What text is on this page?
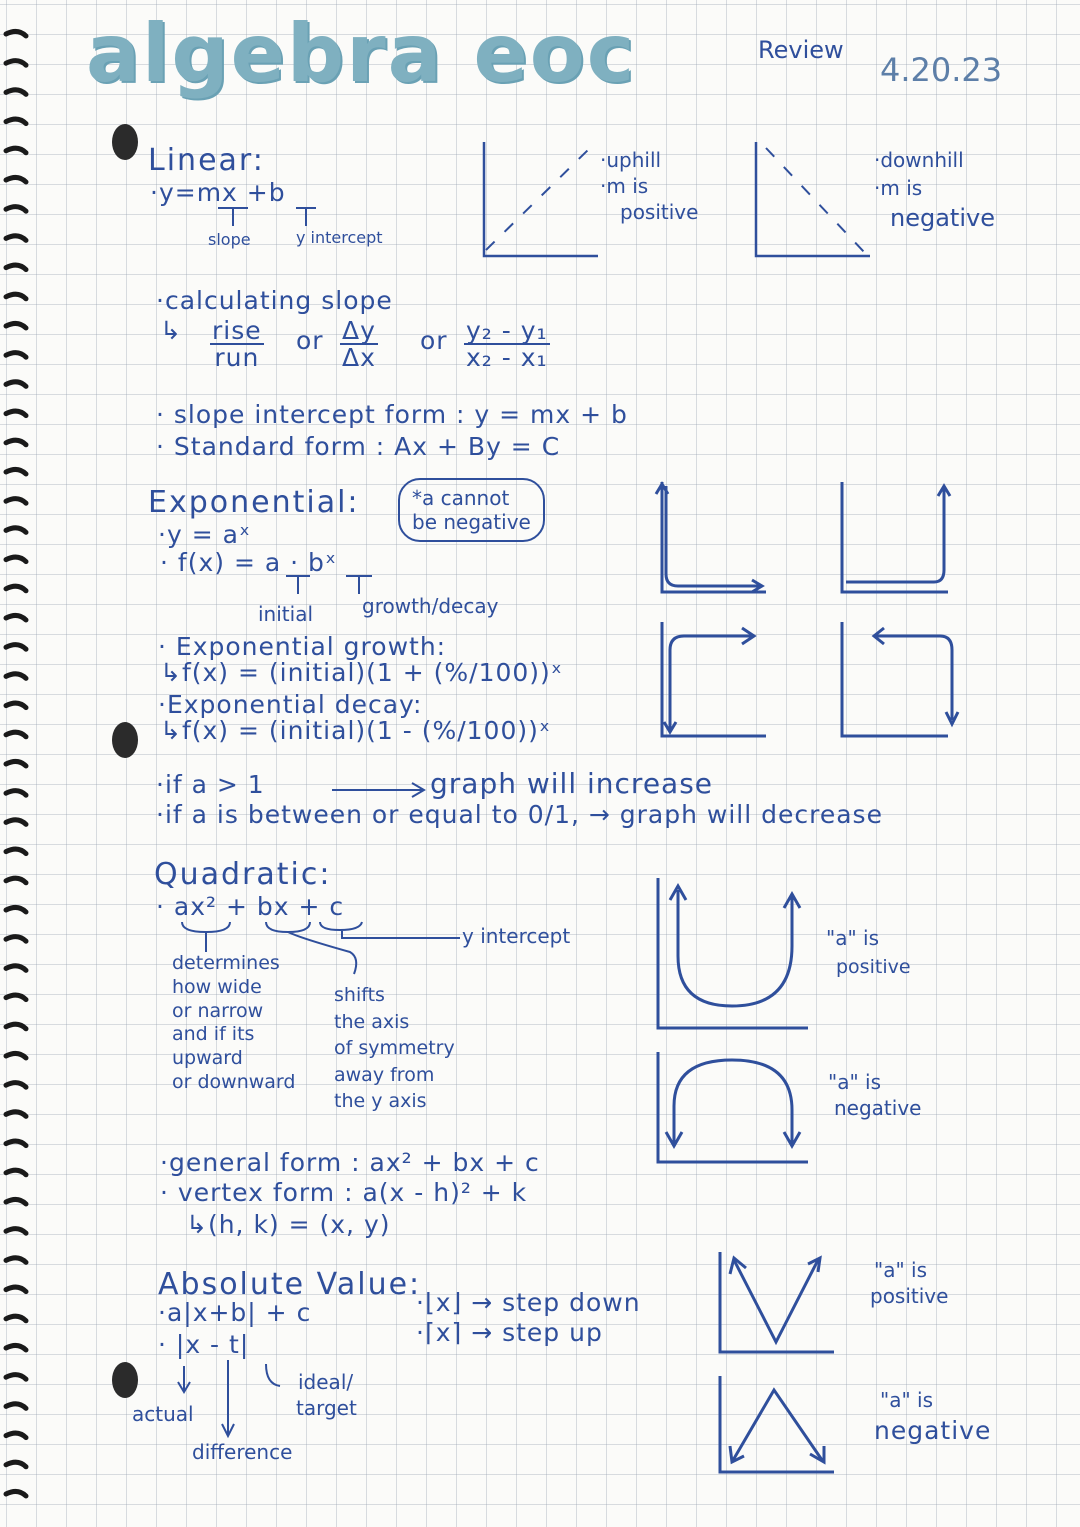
algebra eoc	Review
4.20.23
Linear:
·y=mx +b
slope	y intercept
·uphill
·m is
positive
·downhill
·m is
negative
·calculating slope
↳ rise
run
or $\frac{\Delta y}{\Delta x}$ or $\frac{\text{y₂ - y₁}}{\text{x₂ - x₁}}$
· slope intercept form : y = mx + b
· Standard form : Ax + By = C
Exponential:	*a cannot
be negative
·y = aˣ
· f(x) = a · bˣ
initial growth/decay
· Exponential growth:
↳f(x) = (initial)(1 + (%/100))ˣ
·Exponential decay:
↳f(x) = (initial)(1 - (%/100))ˣ
·if a > 1	graph will increase
·if a is between or equal to 0/1, → graph will decrease
Quadratic:
· ax² + bx + c
y intercept
determines
how wide
or narrow
and if its
upward
or downward
shifts
the axis
of symmetry
away from
the y axis
"a" is
positive
"a" is
negative
·general form : ax² + bx + c
· vertex form : a(x - h)² + k
↳(h, k) = (x, y)
Absolute Value:
·a|x+b| + c
· |x - t|
·⌊x⌋ → step down
·⌈x⌉ → step up
actual
ideal/
target
difference
"a" is
positive
"a" is
negative
